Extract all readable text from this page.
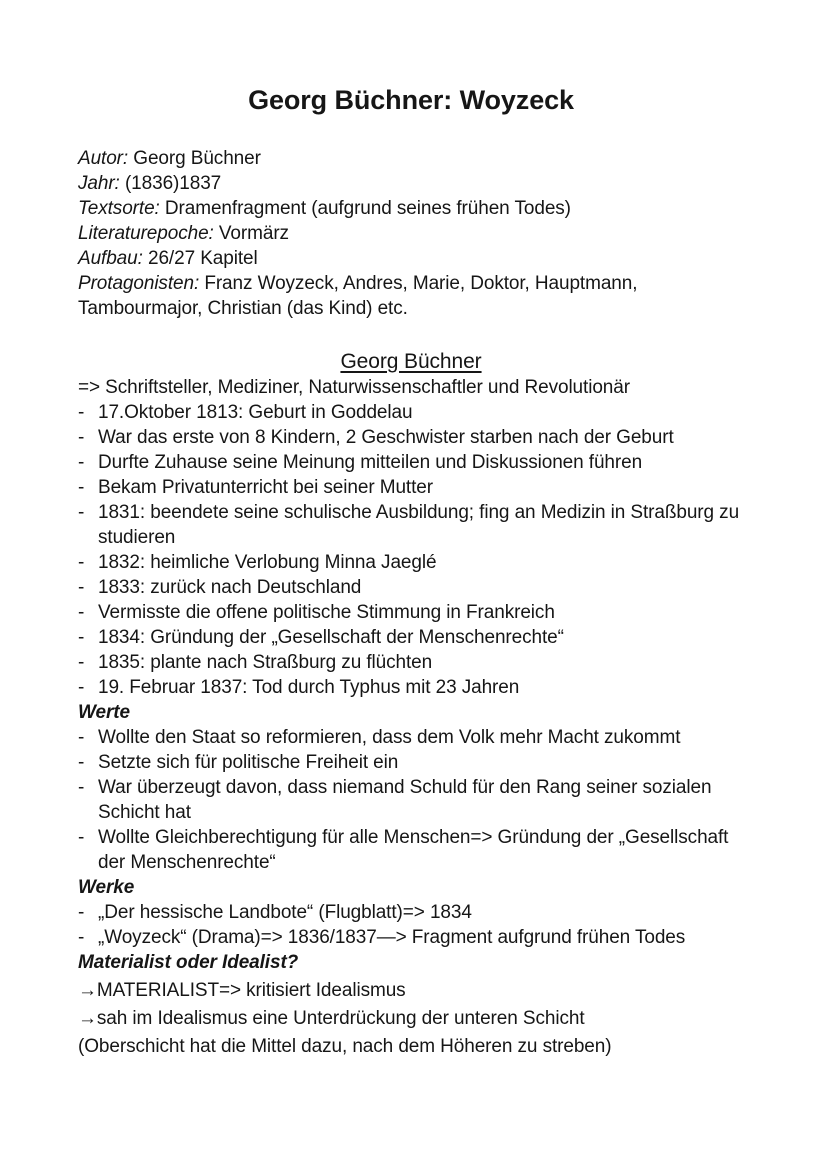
Georg Büchner: Woyzeck
Autor: Georg Büchner
Jahr: (1836)1837
Textsorte: Dramenfragment (aufgrund seines frühen Todes)
Literaturepoche: Vormärz
Aufbau: 26/27 Kapitel
Protagonisten: Franz Woyzeck, Andres, Marie, Doktor, Hauptmann, Tambourmajor, Christian (das Kind) etc.
Georg Büchner
=> Schriftsteller, Mediziner, Naturwissenschaftler und Revolutionär
- 17.Oktober 1813: Geburt in Goddelau
- War das erste von 8 Kindern, 2 Geschwister starben nach der Geburt
- Durfte Zuhause seine Meinung mitteilen und Diskussionen führen
- Bekam Privatunterricht bei seiner Mutter
- 1831: beendete seine schulische Ausbildung; fing an Medizin in Straßburg zu studieren
- 1832: heimliche Verlobung Minna Jaeglé
- 1833: zurück nach Deutschland
- Vermisste die offene politische Stimmung in Frankreich
- 1834: Gründung der „Gesellschaft der Menschenrechte“
- 1835: plante nach Straßburg zu flüchten
- 19. Februar 1837: Tod durch Typhus mit 23 Jahren
Werte
- Wollte den Staat so reformieren, dass dem Volk mehr Macht zukommt
- Setzte sich für politische Freiheit ein
- War überzeugt davon, dass niemand Schuld für den Rang seiner sozialen Schicht hat
- Wollte Gleichberechtigung für alle Menschen=> Gründung der „Gesellschaft der Menschenrechte“
Werke
- „Der hessische Landbote“ (Flugblatt)=> 1834
- „Woyzeck“ (Drama)=> 1836/1837—> Fragment aufgrund frühen Todes
Materialist oder Idealist?
→MATERIALIST=> kritisiert Idealismus
→sah im Idealismus eine Unterdrückung der unteren Schicht
(Oberschicht hat die Mittel dazu, nach dem Höheren zu streben)
